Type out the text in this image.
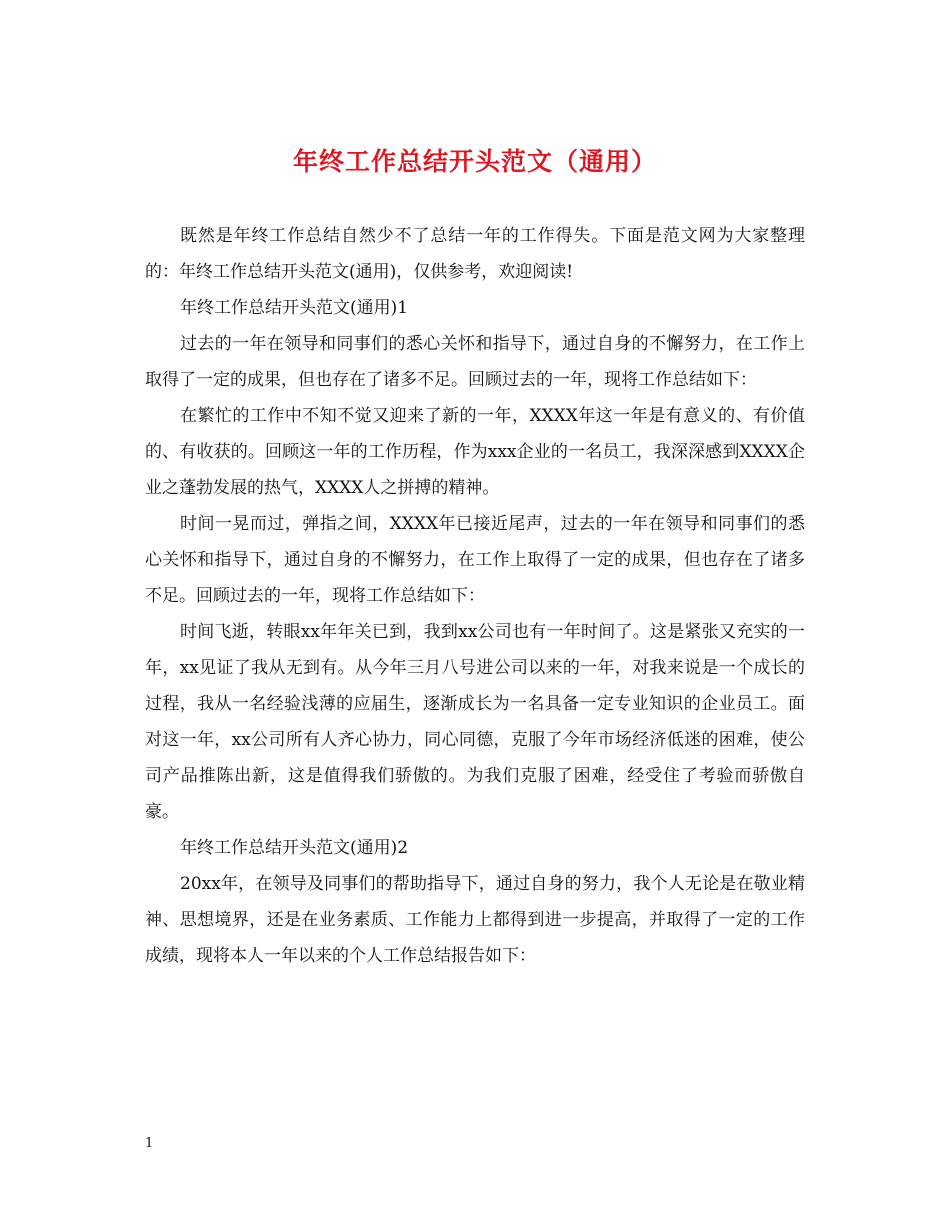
年终工作总结开头范文（通用）

既然是年终工作总结自然少不了总结一年的工作得失。下面是范文网为大家整理的：年终工作总结开头范文(通用)，仅供参考，欢迎阅读!

年终工作总结开头范文(通用)1

过去的一年在领导和同事们的悉心关怀和指导下，通过自身的不懈努力，在工作上取得了一定的成果，但也存在了诸多不足。回顾过去的一年，现将工作总结如下：

在繁忙的工作中不知不觉又迎来了新的一年，XXXX年这一年是有意义的、有价值的、有收获的。回顾这一年的工作历程，作为xxx企业的一名员工，我深深感到XXXX企业之蓬勃发展的热气，XXXX人之拼搏的精神。

时间一晃而过，弹指之间，XXXX年已接近尾声，过去的一年在领导和同事们的悉心关怀和指导下，通过自身的不懈努力，在工作上取得了一定的成果，但也存在了诸多不足。回顾过去的一年，现将工作总结如下：

时间飞逝，转眼xx年年关已到，我到xx公司也有一年时间了。这是紧张又充实的一年，xx见证了我从无到有。从今年三月八号进公司以来的一年，对我来说是一个成长的过程，我从一名经验浅薄的应届生，逐渐成长为一名具备一定专业知识的企业员工。面对这一年，xx公司所有人齐心协力，同心同德，克服了今年市场经济低迷的困难，使公司产品推陈出新，这是值得我们骄傲的。为我们克服了困难，经受住了考验而骄傲自豪。

年终工作总结开头范文(通用)2

20xx年，在领导及同事们的帮助指导下，通过自身的努力，我个人无论是在敬业精神、思想境界，还是在业务素质、工作能力上都得到进一步提高，并取得了一定的工作成绩，现将本人一年以来的个人工作总结报告如下：

1
